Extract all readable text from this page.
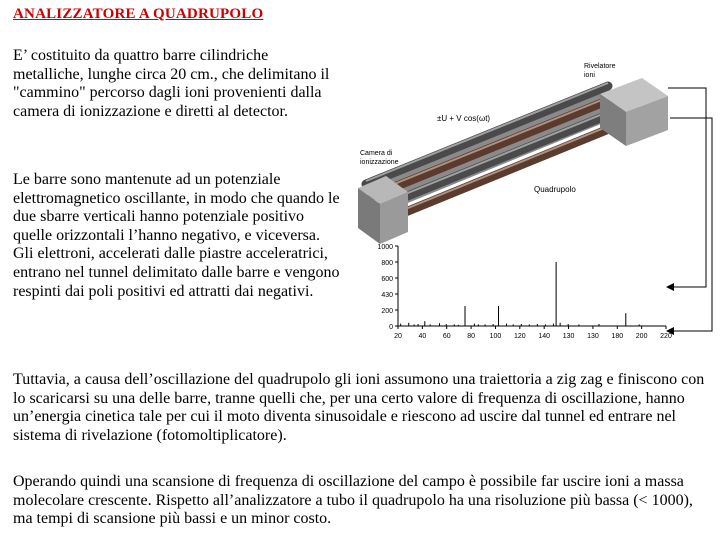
ANALIZZATORE A QUADRUPOLO

E’ costituito da quattro barre cilindriche metalliche, lunghe circa 20 cm., che delimitano il "cammino" percorso dagli ioni provenienti dalla camera di ionizzazione e diretti al detector.

Le barre sono mantenute ad un potenziale elettromagnetico oscillante, in modo che quando le due sbarre verticali hanno potenziale positivo quelle orizzontali l’hanno negativo, e viceversa.
Gli elettroni, accelerati dalle piastre acceleratrici, entrano nel tunnel delimitato dalle barre e vengono respinti dai poli positivi ed attratti dai negativi.

Tuttavia, a causa dell’oscillazione del quadrupolo gli ioni assumono una traiettoria a zig zag e finiscono con lo scaricarsi su una delle barre, tranne quelli che, per una certo valore di frequenza di oscillazione, hanno un’energia cinetica tale per cui il moto diventa sinusoidale e riescono ad uscire dal tunnel ed entrare nel sistema di rivelazione (fotomoltiplicatore).

Operando quindi una scansione di frequenza di oscillazione del campo è possibile far uscire ioni a massa molecolare crescente. Rispetto all’analizzatore a tubo il quadrupolo ha una risoluzione più bassa (< 1000), ma tempi di scansione più bassi e un minor costo.

Rivelatore
ioni
±U + V cos(ωt)
Camera di
ionizzazione
Quadrupolo
1000
800
600
430
200
0
20 40 60 80 100 120 140 130 130 180 200 220
